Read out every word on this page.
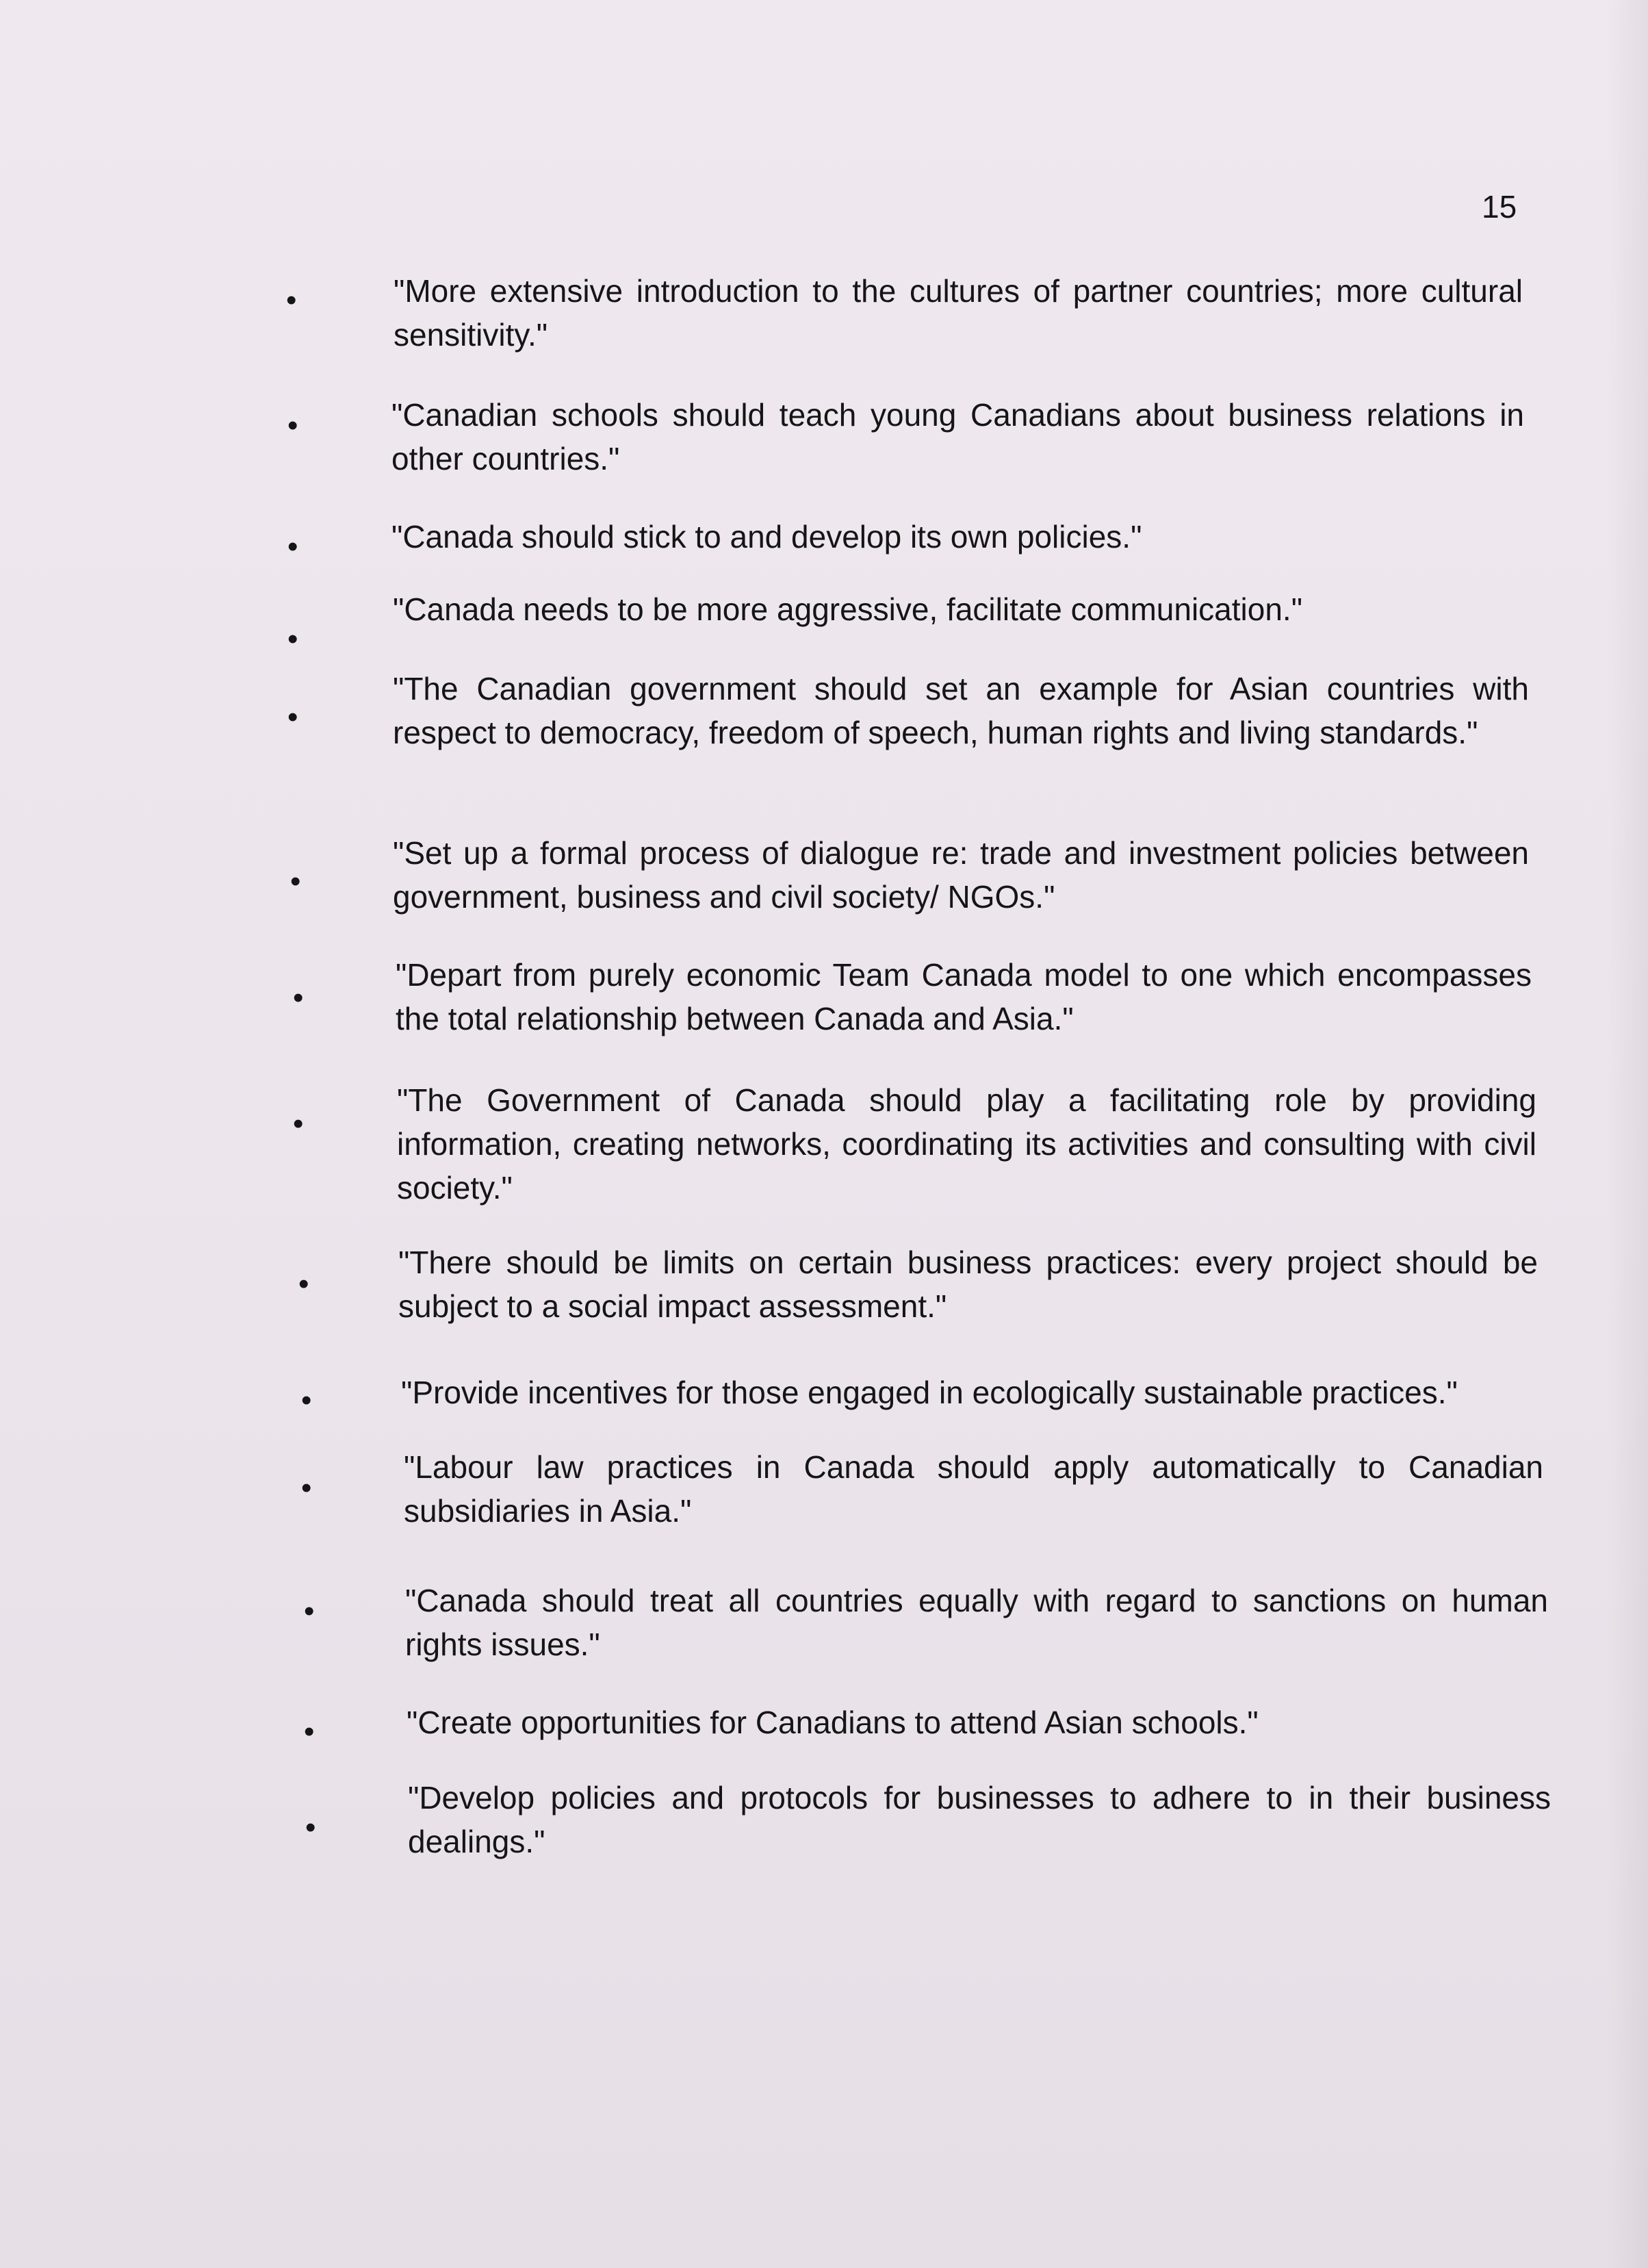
15
•	"More extensive introduction to the cultures of partner countries; more cultural sensitivity."
•	"Canadian schools should teach young Canadians about business relations in other countries."
•	"Canada should stick to and develop its own policies."
•
"Canada needs to be more aggressive, facilitate communication."
•
"The Canadian government should set an example for Asian countries with respect to democracy, freedom of speech, human rights and living standards."
•
"Set up a formal process of dialogue re: trade and investment policies between government, business and civil society/ NGOs."
•
"Depart from purely economic Team Canada model to one which encompasses the total relationship between Canada and Asia."
•
"The Government of Canada should play a facilitating role by providing information, creating networks, coordinating its activities and consulting with civil society."
•
"There should be limits on certain business practices: every project should be subject to a social impact assessment."
•	"Provide incentives for those engaged in ecologically sustainable practices."
•
"Labour law practices in Canada should apply automatically to Canadian subsidiaries in Asia."
•	"Canada should treat all countries equally with regard to sanctions on human rights issues."
•	"Create opportunities for Canadians to attend Asian schools."
•
"Develop policies and protocols for businesses to adhere to in their business dealings."
